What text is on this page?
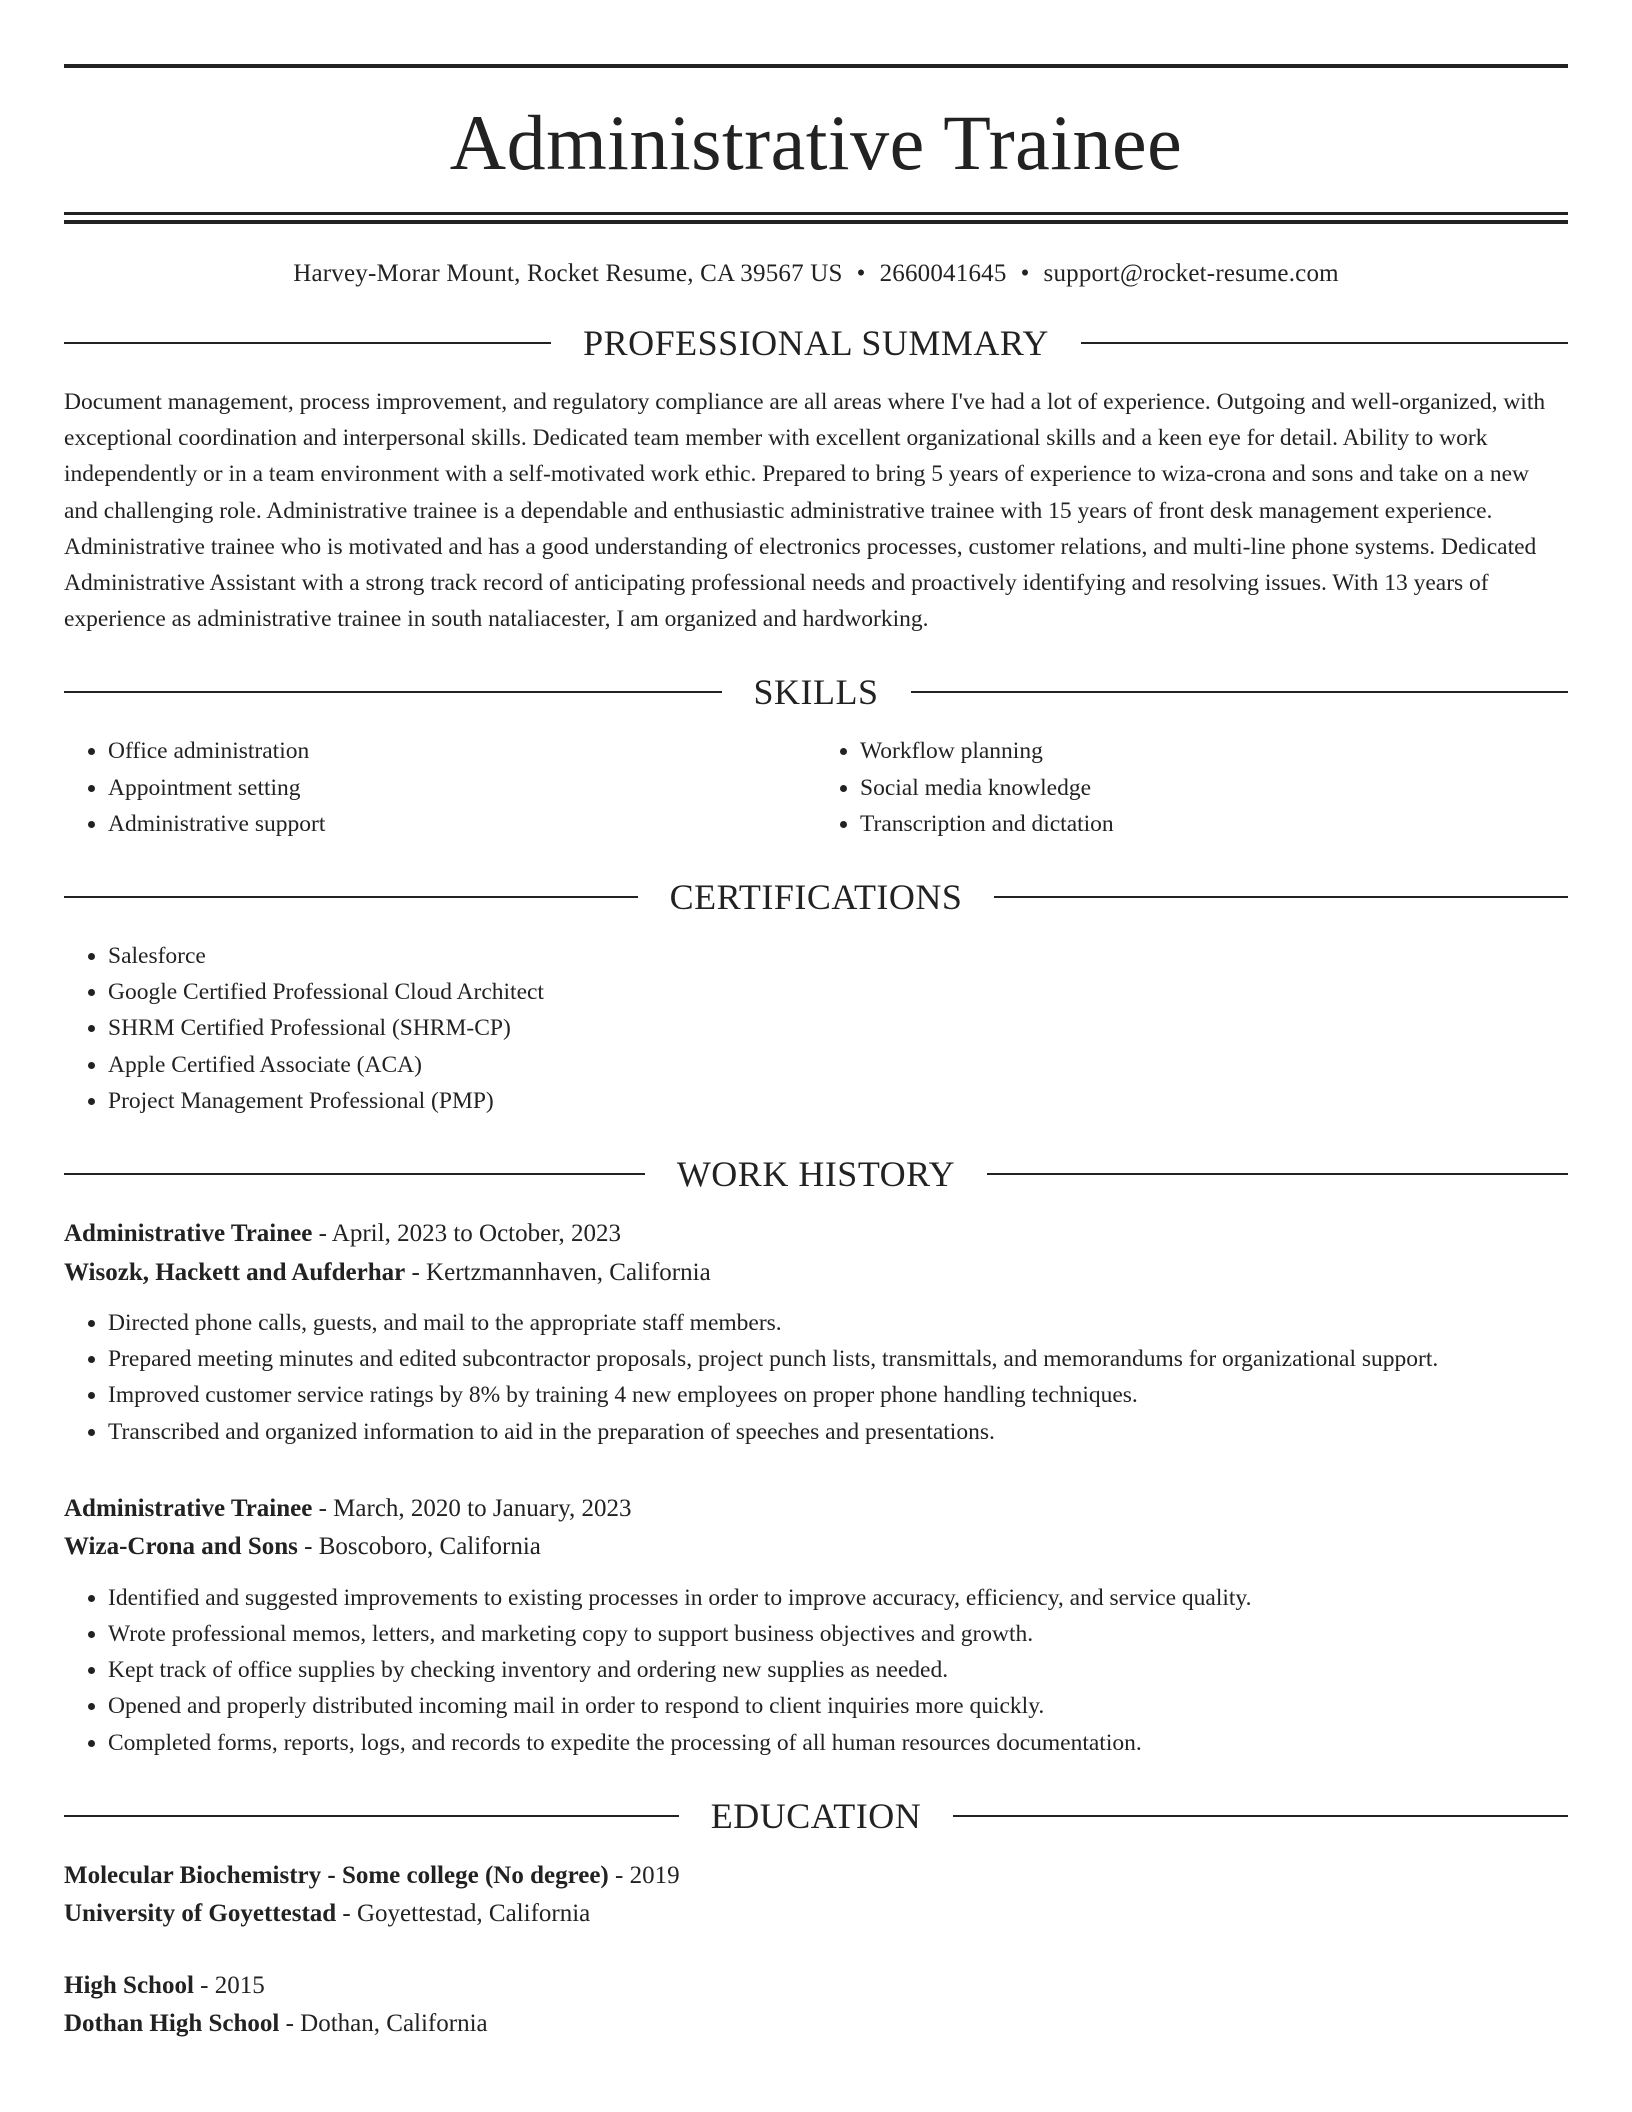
Administrative Trainee
Harvey-Morar Mount, Rocket Resume, CA 39567 US • 2660041645 • support@rocket-resume.com
PROFESSIONAL SUMMARY

Document management, process improvement, and regulatory compliance are all areas where I've had a lot of experience. Outgoing and well-organized, with exceptional coordination and interpersonal skills. Dedicated team member with excellent organizational skills and a keen eye for detail. Ability to work independently or in a team environment with a self-motivated work ethic. Prepared to bring 5 years of experience to wiza-crona and sons and take on a new and challenging role. Administrative trainee is a dependable and enthusiastic administrative trainee with 15 years of front desk management experience. Administrative trainee who is motivated and has a good understanding of electronics processes, customer relations, and multi-line phone systems. Dedicated Administrative Assistant with a strong track record of anticipating professional needs and proactively identifying and resolving issues. With 13 years of experience as administrative trainee in south nataliacester, I am organized and hardworking.

SKILLS
• Office administration
• Appointment setting
• Administrative support
• Workflow planning
• Social media knowledge
• Transcription and dictation
CERTIFICATIONS
• Salesforce
• Google Certified Professional Cloud Architect
• SHRM Certified Professional (SHRM-CP)
• Apple Certified Associate (ACA)
• Project Management Professional (PMP)
WORK HISTORY
Administrative Trainee - April, 2023 to October, 2023
Wisozk, Hackett and Aufderhar - Kertzmannhaven, California
• Directed phone calls, guests, and mail to the appropriate staff members.
• Prepared meeting minutes and edited subcontractor proposals, project punch lists, transmittals, and memorandums for organizational support.
• Improved customer service ratings by 8% by training 4 new employees on proper phone handling techniques.
• Transcribed and organized information to aid in the preparation of speeches and presentations.
Administrative Trainee - March, 2020 to January, 2023
Wiza-Crona and Sons - Boscoboro, California
• Identified and suggested improvements to existing processes in order to improve accuracy, efficiency, and service quality.
• Wrote professional memos, letters, and marketing copy to support business objectives and growth.
• Kept track of office supplies by checking inventory and ordering new supplies as needed.
• Opened and properly distributed incoming mail in order to respond to client inquiries more quickly.
• Completed forms, reports, logs, and records to expedite the processing of all human resources documentation.
EDUCATION
Molecular Biochemistry - Some college (No degree) - 2019
University of Goyettestad - Goyettestad, California
High School - 2015
Dothan High School - Dothan, California
